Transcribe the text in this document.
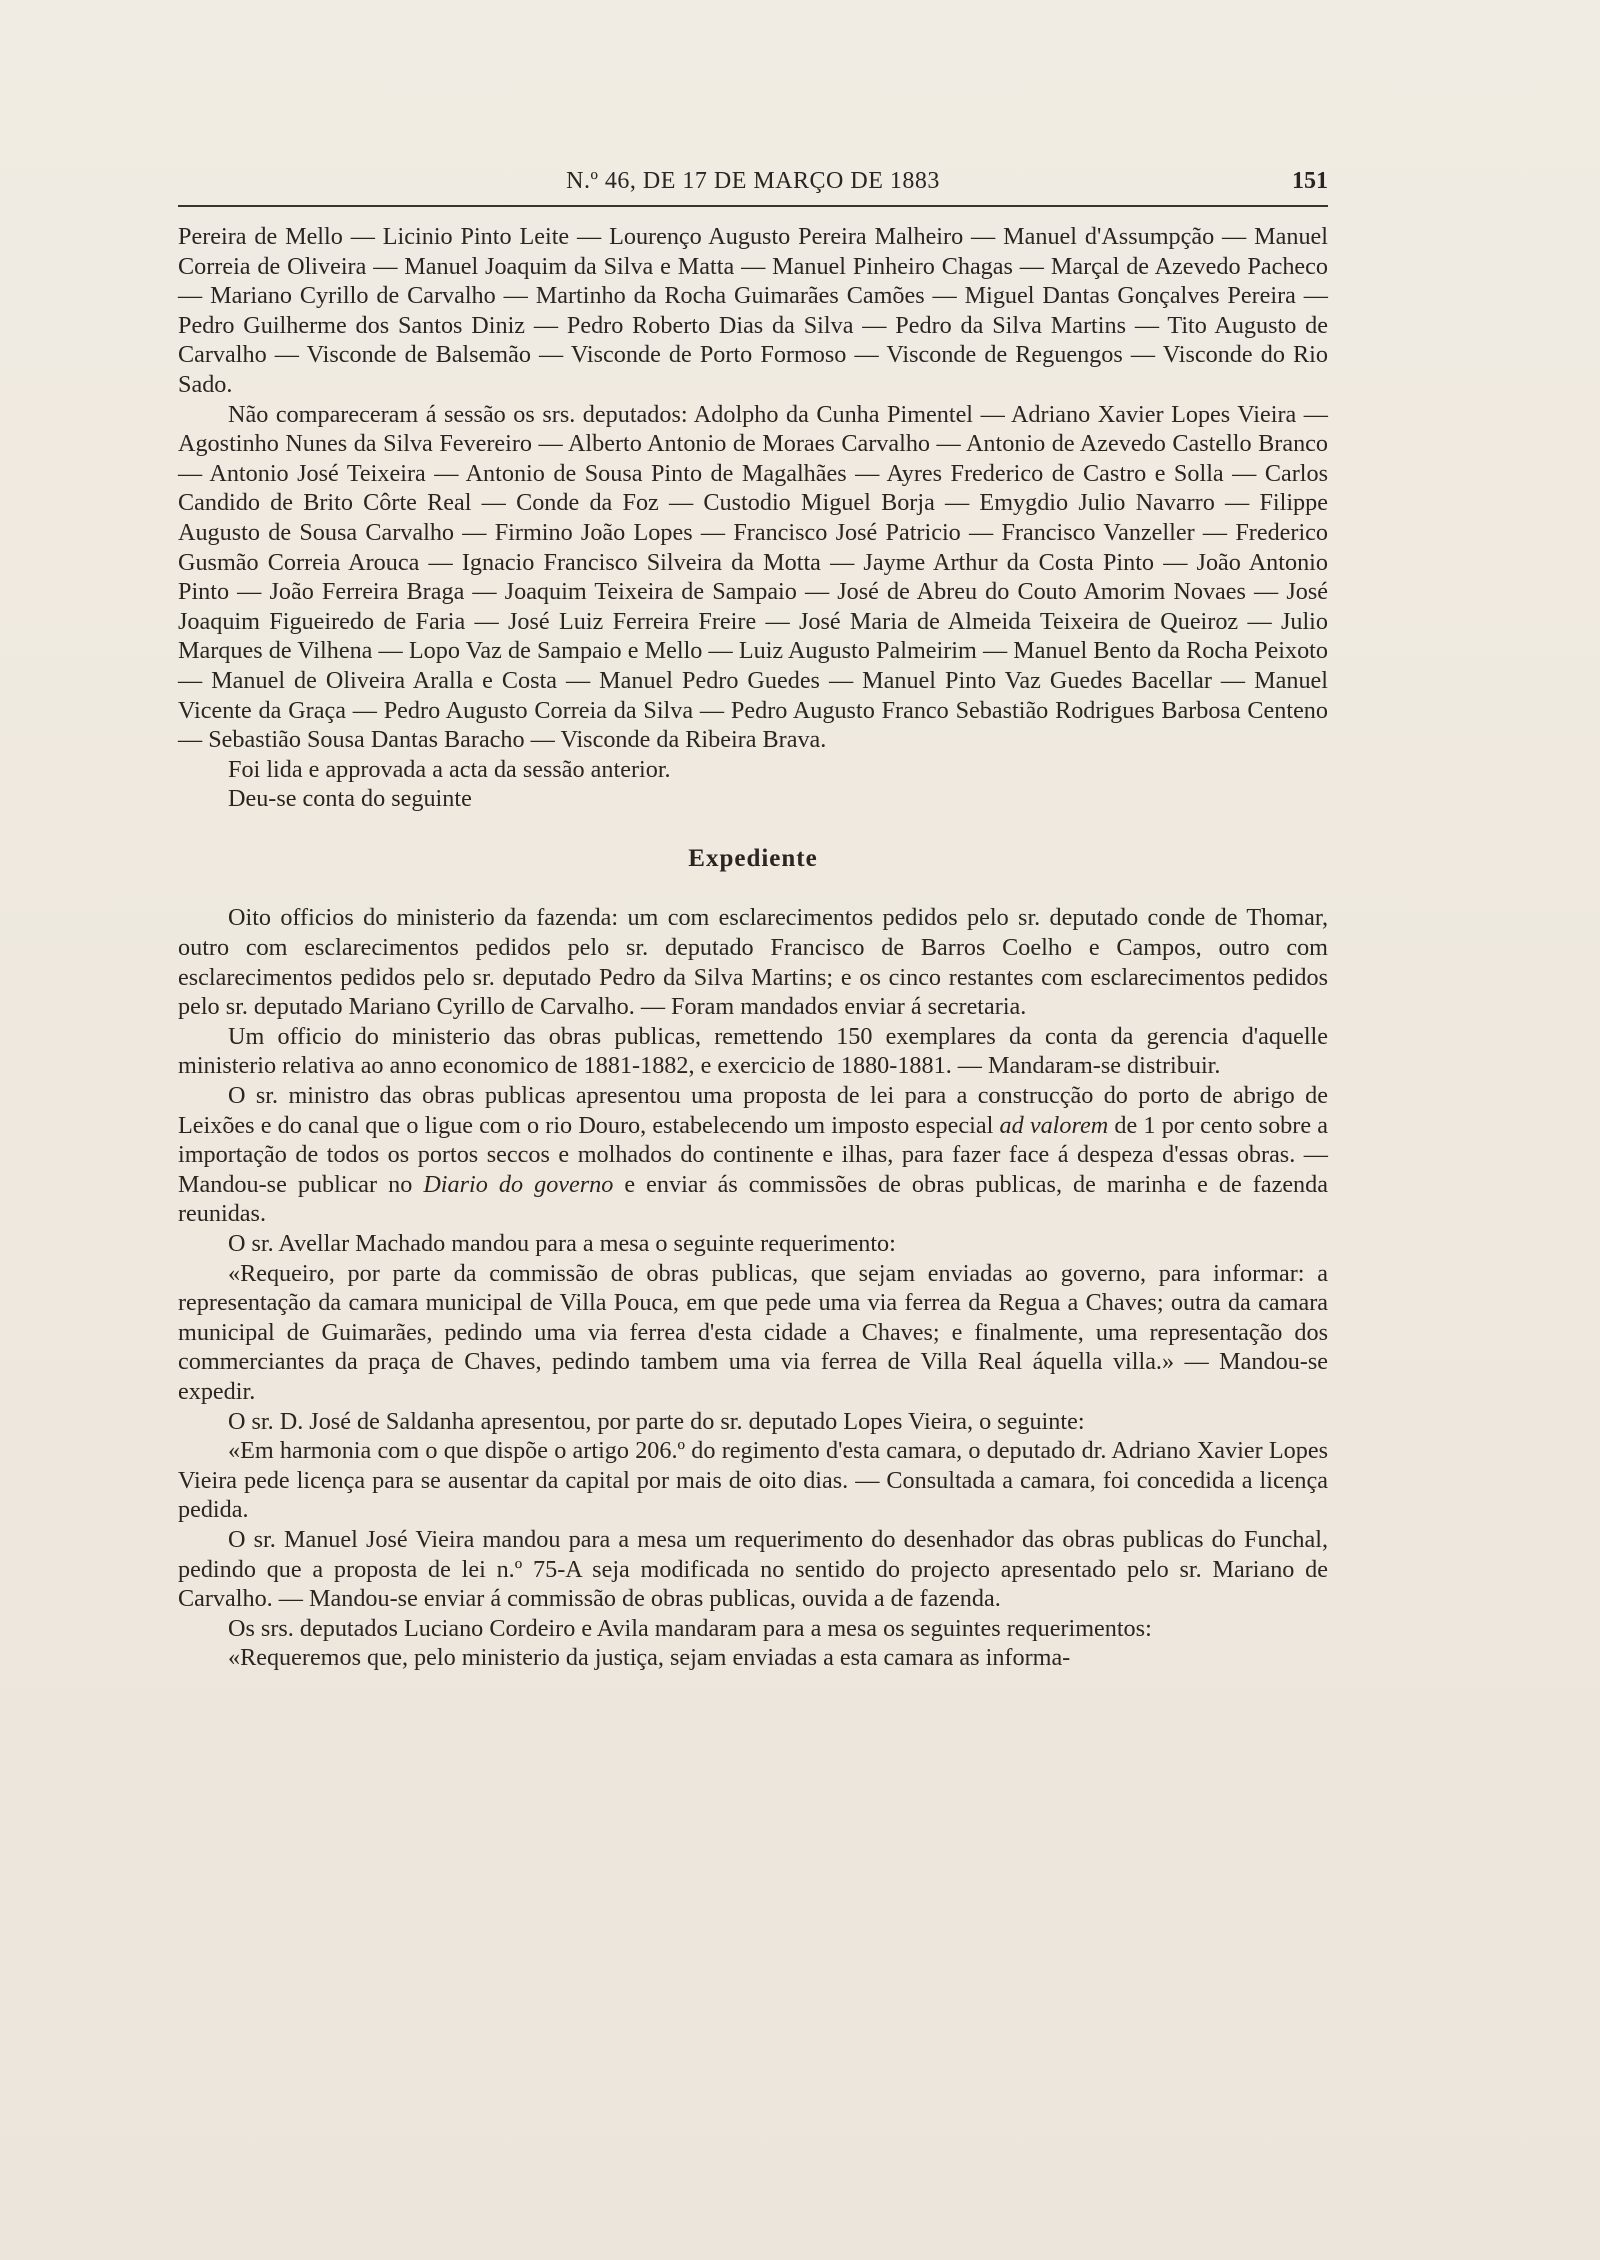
N.º 46, DE 17 DE MARÇO DE 1883	151

Pereira de Mello — Licinio Pinto Leite — Lourenço Augusto Pereira Malheiro — Manuel d'Assumpção — Manuel Correia de Oliveira — Manuel Joaquim da Silva e Matta — Manuel Pinheiro Chagas — Marçal de Azevedo Pacheco — Mariano Cyrillo de Carvalho — Martinho da Rocha Guimarães Camões — Miguel Dantas Gonçalves Pereira — Pedro Guilherme dos Santos Diniz — Pedro Roberto Dias da Silva — Pedro da Silva Martins — Tito Augusto de Carvalho — Visconde de Balsemão — Visconde de Porto Formoso — Visconde de Reguengos — Visconde do Rio Sado.

Não compareceram á sessão os srs. deputados: Adolpho da Cunha Pimentel — Adriano Xavier Lopes Vieira — Agostinho Nunes da Silva Fevereiro — Alberto Antonio de Moraes Carvalho — Antonio de Azevedo Castello Branco — Antonio José Teixeira — Antonio de Sousa Pinto de Magalhães — Ayres Frederico de Castro e Solla — Carlos Candido de Brito Côrte Real — Conde da Foz — Custodio Miguel Borja — Emygdio Julio Navarro — Filippe Augusto de Sousa Carvalho — Firmino João Lopes — Francisco José Patricio — Francisco Vanzeller — Frederico Gusmão Correia Arouca — Ignacio Francisco Silveira da Motta — Jayme Arthur da Costa Pinto — João Antonio Pinto — João Ferreira Braga — Joaquim Teixeira de Sampaio — José de Abreu do Couto Amorim Novaes — José Joaquim Figueiredo de Faria — José Luiz Ferreira Freire — José Maria de Almeida Teixeira de Queiroz — Julio Marques de Vilhena — Lopo Vaz de Sampaio e Mello — Luiz Augusto Palmeirim — Manuel Bento da Rocha Peixoto — Manuel de Oliveira Aralla e Costa — Manuel Pedro Guedes — Manuel Pinto Vaz Guedes Bacellar — Manuel Vicente da Graça — Pedro Augusto Correia da Silva — Pedro Augusto Franco Sebastião Rodrigues Barbosa Centeno — Sebastião Sousa Dantas Baracho — Visconde da Ribeira Brava.

Foi lida e approvada a acta da sessão anterior.

Deu-se conta do seguinte

Expediente

Oito officios do ministerio da fazenda: um com esclarecimentos pedidos pelo sr. deputado conde de Thomar, outro com esclarecimentos pedidos pelo sr. deputado Francisco de Barros Coelho e Campos, outro com esclarecimentos pedidos pelo sr. deputado Pedro da Silva Martins; e os cinco restantes com esclarecimentos pedidos pelo sr. deputado Mariano Cyrillo de Carvalho. — Foram mandados enviar á secretaria.

Um officio do ministerio das obras publicas, remettendo 150 exemplares da conta da gerencia d'aquelle ministerio relativa ao anno economico de 1881-1882, e exercicio de 1880-1881. — Mandaram-se distribuir.

O sr. ministro das obras publicas apresentou uma proposta de lei para a construcção do porto de abrigo de Leixões e do canal que o ligue com o rio Douro, estabelecendo um imposto especial ad valorem de 1 por cento sobre a importação de todos os portos seccos e molhados do continente e ilhas, para fazer face á despeza d'essas obras. — Mandou-se publicar no Diario do governo e enviar ás commissões de obras publicas, de marinha e de fazenda reunidas.

O sr. Avellar Machado mandou para a mesa o seguinte requerimento:

«Requeiro, por parte da commissão de obras publicas, que sejam enviadas ao governo, para informar: a representação da camara municipal de Villa Pouca, em que pede uma via ferrea da Regua a Chaves; outra da camara municipal de Guimarães, pedindo uma via ferrea d'esta cidade a Chaves; e finalmente, uma representação dos commerciantes da praça de Chaves, pedindo tambem uma via ferrea de Villa Real áquella villa.» — Mandou-se expedir.

O sr. D. José de Saldanha apresentou, por parte do sr. deputado Lopes Vieira, o seguinte:

«Em harmonia com o que dispõe o artigo 206.º do regimento d'esta camara, o deputado dr. Adriano Xavier Lopes Vieira pede licença para se ausentar da capital por mais de oito dias. — Consultada a camara, foi concedida a licença pedida.

O sr. Manuel José Vieira mandou para a mesa um requerimento do desenhador das obras publicas do Funchal, pedindo que a proposta de lei n.º 75-A seja modificada no sentido do projecto apresentado pelo sr. Mariano de Carvalho. — Mandou-se enviar á commissão de obras publicas, ouvida a de fazenda.

Os srs. deputados Luciano Cordeiro e Avila mandaram para a mesa os seguintes requerimentos:

«Requeremos que, pelo ministerio da justiça, sejam enviadas a esta camara as informa-
